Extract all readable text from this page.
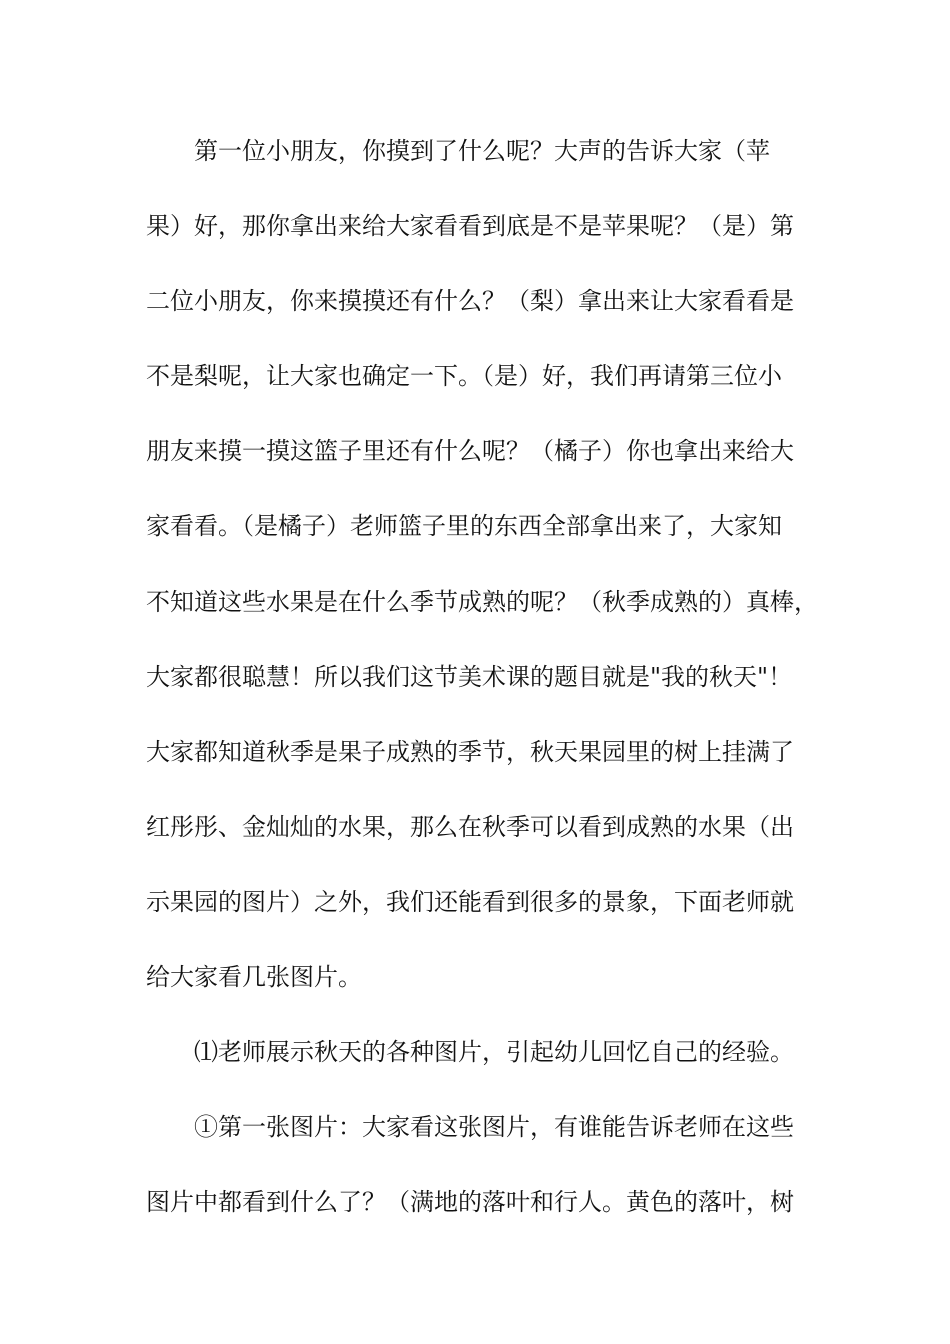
第一位小朋友，你摸到了什么呢？大声的告诉大家（苹
果）好，那你拿出来给大家看看到底是不是苹果呢？（是）第
二位小朋友，你来摸摸还有什么？（梨）拿出来让大家看看是
不是梨呢，让大家也确定一下。（是）好，我们再请第三位小
朋友来摸一摸这篮子里还有什么呢？（橘子）你也拿出来给大
家看看。（是橘子）老师篮子里的东西全部拿出来了，大家知
不知道这些水果是在什么季节成熟的呢？（秋季成熟的）真棒，
大家都很聪慧！所以我们这节美术课的题目就是"我的秋天"！
大家都知道秋季是果子成熟的季节，秋天果园里的树上挂满了
红彤彤、金灿灿的水果，那么在秋季可以看到成熟的水果（出
示果园的图片）之外，我们还能看到很多的景象，下面老师就
给大家看几张图片。
⑴老师展示秋天的各种图片，引起幼儿回忆自己的经验。
①第一张图片：大家看这张图片，有谁能告诉老师在这些
图片中都看到什么了？（满地的落叶和行人。黄色的落叶，树
